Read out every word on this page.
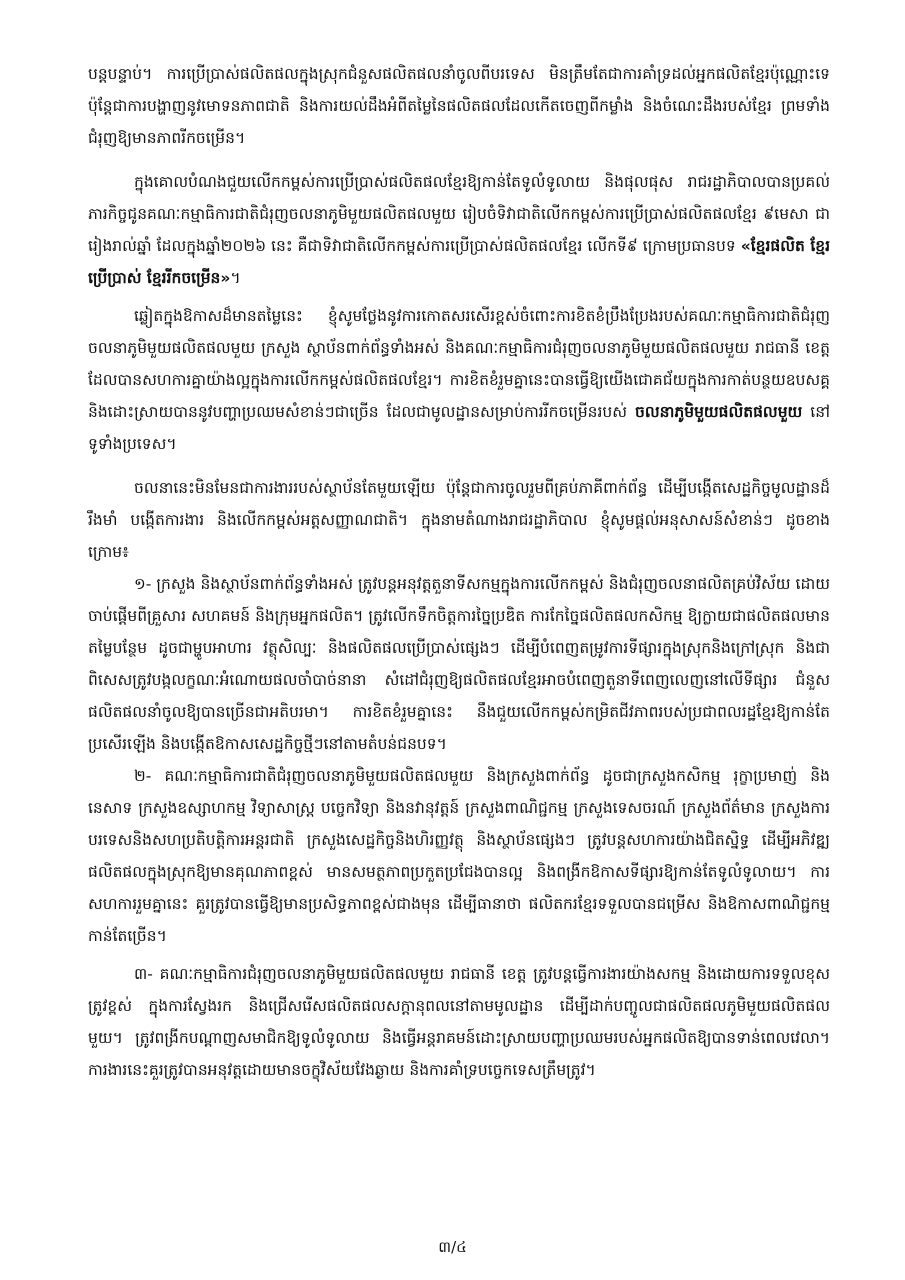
បន្តបន្ទាប់។ ការប្រើប្រាស់ផលិតផលក្នុងស្រុកជំនួសផលិតផលនាំចូលពីបរទេស មិនត្រឹមតែជាការគាំទ្រដល់អ្នកផលិតខ្មែរប៉ុណ្ណោះទេ ប៉ុន្តែជាការបង្ហាញនូវមោទនភាពជាតិ និងការយល់ដឹងអំពីតម្លៃនៃផលិតផលដែលកើតចេញពីកម្លាំង និងចំណេះដឹងរបស់ខ្មែរ ព្រមទាំងជំរុញឱ្យមានភាពរីកចម្រើន។

ក្នុងគោលបំណងជួយលើកកម្ពស់ការប្រើប្រាស់ផលិតផលខ្មែរឱ្យកាន់តែទូលំទូលាយ និងផុលផុស រាជរដ្ឋាភិបាលបានប្រគល់ភារកិច្ចជូនគណៈកម្មាធិការជាតិជំរុញចលនាភូមិមួយផលិតផលមួយ រៀបចំទិវាជាតិលើកកម្ពស់ការប្រើប្រាស់ផលិតផលខ្មែរ ៩មេសា ជារៀងរាល់ឆ្នាំ ដែលក្នុងឆ្នាំ២០២៦ នេះ គឺជាទិវាជាតិលើកកម្ពស់ការប្រើប្រាស់ផលិតផលខ្មែរ លើកទី៩ ក្រោមប្រធានបទ «ខ្មែរផលិត ខ្មែរប្រើប្រាស់ ខ្មែររីកចម្រើន»។

ឆ្លៀតក្នុងឱកាសដ៏មានតម្លៃនេះ ខ្ញុំសូមថ្លែងនូវការកោតសរសើរខ្ពស់ចំពោះការខិតខំប្រឹងប្រែងរបស់គណៈកម្មាធិការជាតិជំរុញចលនាភូមិមួយផលិតផលមួយ ក្រសួង ស្ថាប័នពាក់ព័ន្ធទាំងអស់ និងគណៈកម្មាធិការជំរុញចលនាភូមិមួយផលិតផលមួយ រាជធានី ខេត្ត ដែលបានសហការគ្នាយ៉ាងល្អក្នុងការលើកកម្ពស់ផលិតផលខ្មែរ។ ការខិតខំរួមគ្នានេះបានធ្វើឱ្យយើងជោគជ័យក្នុងការកាត់បន្ថយឧបសគ្គ និងដោះស្រាយបាននូវបញ្ហាប្រឈមសំខាន់ៗជាច្រើន ដែលជាមូលដ្ឋានសម្រាប់ការរីកចម្រើនរបស់ ចលនាភូមិមួយផលិតផលមួយ នៅទូទាំងប្រទេស។

ចលនានេះមិនមែនជាការងាររបស់ស្ថាប័នតែមួយឡើយ ប៉ុន្តែជាការចូលរួមពីគ្រប់ភាគីពាក់ព័ន្ធ ដើម្បីបង្កើតសេដ្ឋកិច្ចមូលដ្ឋានដ៏រឹងមាំ បង្កើតការងារ និងលើកកម្ពស់អត្តសញ្ញាណជាតិ។ ក្នុងនាមតំណាងរាជរដ្ឋាភិបាល ខ្ញុំសូមផ្តល់អនុសាសន៍សំខាន់ៗ ដូចខាងក្រោម៖

១- ក្រសួង និងស្ថាប័នពាក់ព័ន្ធទាំងអស់ ត្រូវបន្តអនុវត្តតួនាទីសកម្មក្នុងការលើកកម្ពស់ និងជំរុញចលនាផលិតគ្រប់វិស័យ ដោយចាប់ផ្តើមពីគ្រួសារ សហគមន៍ និងក្រុមអ្នកផលិត។ ត្រូវលើកទឹកចិត្តការច្នៃប្រឌិត ការកែច្នៃផលិតផលកសិកម្ម ឱ្យក្លាយជាផលិតផលមានតម្លៃបន្ថែម ដូចជាម្ហូបអាហារ វត្ថុសិល្បៈ និងផលិតផលប្រើប្រាស់ផ្សេងៗ ដើម្បីបំពេញតម្រូវការទីផ្សារក្នុងស្រុកនិងក្រៅស្រុក និងជាពិសេសត្រូវបង្កលក្ខណៈអំណោយផលចាំបាច់នានា សំដៅជំរុញឱ្យផលិតផលខ្មែរអាចបំពេញតួនាទីពេញលេញនៅលើទីផ្សារ ជំនួសផលិតផលនាំចូលឱ្យបានច្រើនជាអតិបរមា។ ការខិតខំរួមគ្នានេះ នឹងជួយលើកកម្ពស់កម្រិតជីវភាពរបស់ប្រជាពលរដ្ឋខ្មែរឱ្យកាន់តែប្រសើរឡើង និងបង្កើតឱកាសសេដ្ឋកិច្ចថ្មីៗនៅតាមតំបន់ជនបទ។

២- គណៈកម្មាធិការជាតិជំរុញចលនាភូមិមួយផលិតផលមួយ និងក្រសួងពាក់ព័ន្ធ ដូចជាក្រសួងកសិកម្ម រុក្ខាប្រមាញ់ និងនេសាទ ក្រសួងឧស្សាហកម្ម វិទ្យាសាស្ត្រ បច្ចេកវិទ្យា និងនវានុវត្តន៍ ក្រសួងពាណិជ្ជកម្ម ក្រសួងទេសចរណ៍ ក្រសួងព័ត៌មាន ក្រសួងការបរទេសនិងសហប្រតិបត្តិការអន្តរជាតិ ក្រសួងសេដ្ឋកិច្ចនិងហិរញ្ញវត្ថុ និងស្ថាប័នផ្សេងៗ ត្រូវបន្តសហការយ៉ាងជិតស្និទ្ធ ដើម្បីអភិវឌ្ឍផលិតផលក្នុងស្រុកឱ្យមានគុណភាពខ្ពស់ មានសមត្ថភាពប្រកួតប្រជែងបានល្អ និងពង្រីកឱកាសទីផ្សារឱ្យកាន់តែទូលំទូលាយ។ ការសហការរួមគ្នានេះ គួរត្រូវបានធ្វើឱ្យមានប្រសិទ្ធភាពខ្ពស់ជាងមុន ដើម្បីធានាថា ផលិតករខ្មែរទទួលបានជម្រើស និងឱកាសពាណិជ្ជកម្មកាន់តែច្រើន។

៣- គណៈកម្មាធិការជំរុញចលនាភូមិមួយផលិតផលមួយ រាជធានី ខេត្ត ត្រូវបន្តធ្វើការងារយ៉ាងសកម្ម និងដោយការទទួលខុសត្រូវខ្ពស់ ក្នុងការស្វែងរក និងជ្រើសរើសផលិតផលសក្តានុពលនៅតាមមូលដ្ឋាន ដើម្បីដាក់បញ្ចូលជាផលិតផលភូមិមួយផលិតផលមួយ។ ត្រូវពង្រីកបណ្តាញសមាជិកឱ្យទូលំទូលាយ និងធ្វើអន្តរាគមន៍ដោះស្រាយបញ្ហាប្រឈមរបស់អ្នកផលិតឱ្យបានទាន់ពេលវេលា។ ការងារនេះគួរត្រូវបានអនុវត្តដោយមានចក្ខុវិស័យវែងឆ្ងាយ និងការគាំទ្របច្ចេកទេសត្រឹមត្រូវ។

៣/៤
